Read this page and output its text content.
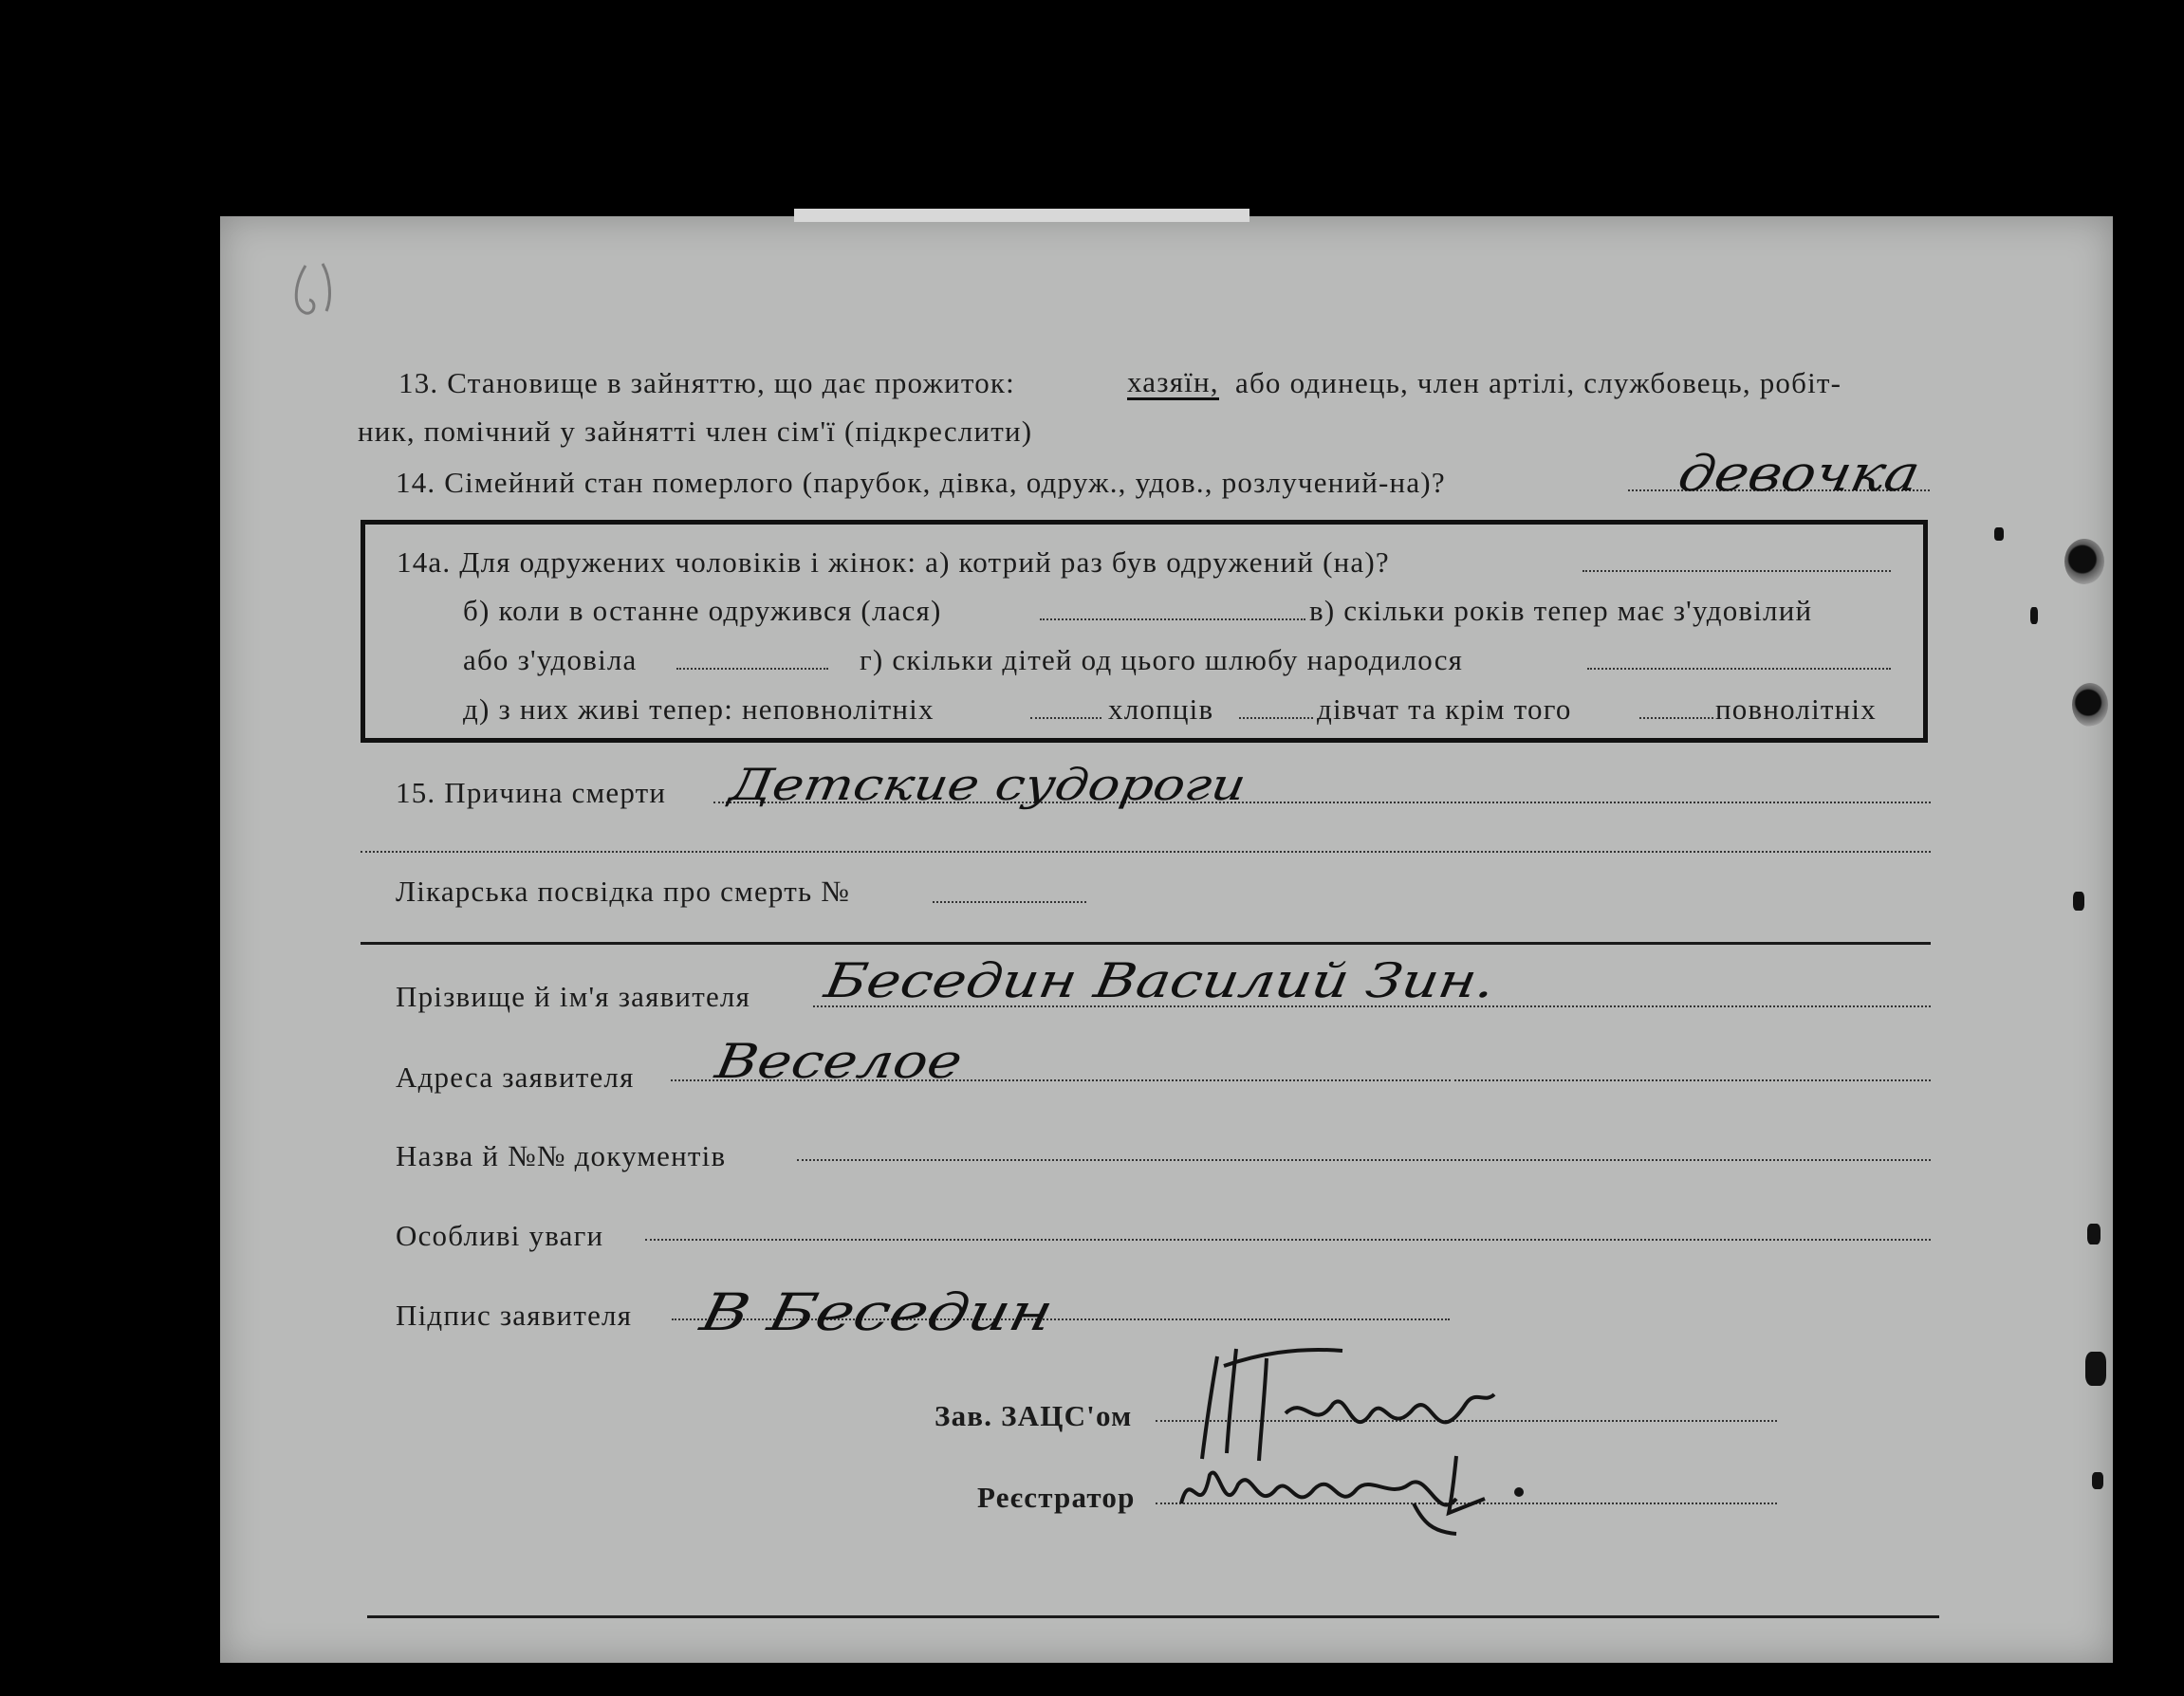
13. Становище в зайняттю, що дає прожиток:	хазяїн, або одинець, член артілі, службовець, робіт-
ник, помічний у зайнятті член сім'ї (підкреслити)
14. Сімейний стан померлого (парубок, дівка, одруж., удов., розлучений-на)?	девочка
14а. Для одружених чоловіків і жінок: а) котрий раз був одружений (на)?
б) коли в останне одружився (лася)	в) скільки років тепер має з'удовілий
або з'удовіла	г) скільки дітей од цього шлюбу народилося
д) з них живі тепер: неповнолітніх	хлопців	дівчат та крім того	повнолітніх
15. Причина смерти Детские судороги
Лікарська посвідка про смерть №
Прізвище й ім'я заявителя Беседин Василий Зин.
Адреса заявителя Веселое
Назва й №№ документів
Особливі уваги
Підпис заявителя В Беседин
Зав. ЗАЦС'ом
Реєстратор
